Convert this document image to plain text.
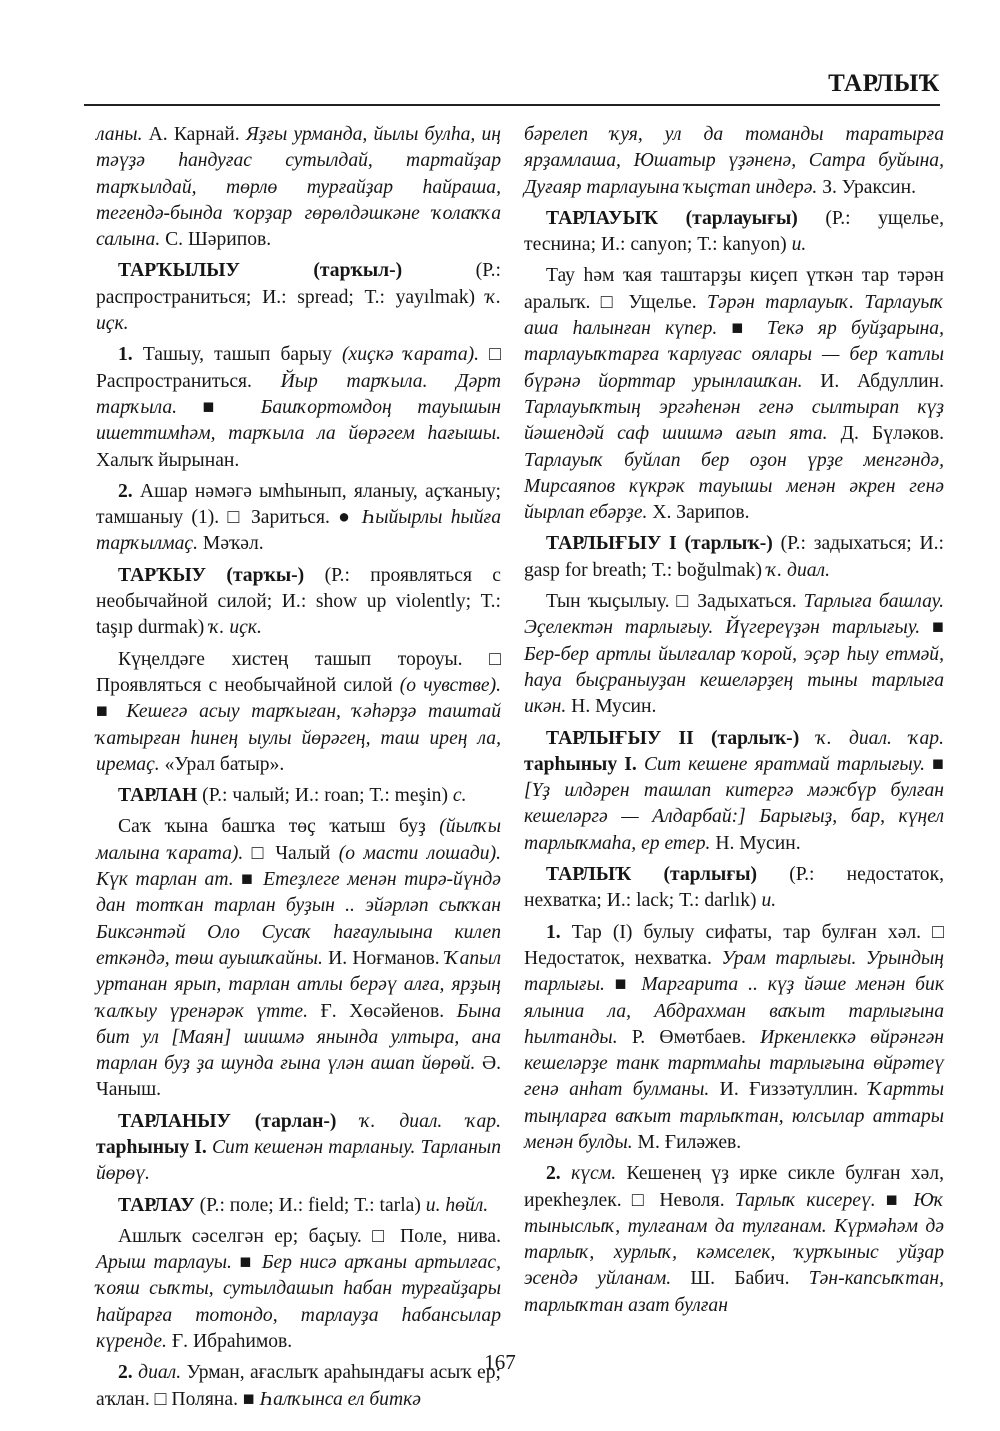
ТАРЛЫҠ

ланы. А. Карнай. Яҙғы урманда, йылы булһа, иң тәүҙә һандуғас сутылдай, тартайҙар тарҡылдай, төрлө турғайҙар һайраша, тегендә-бында ҡорҙар гөрөлдәшкәне ҡолаҡҡа салына. С. Шәрипов.

ТАРҠЫЛЫУ (тарҡыл-) (Р.: распространиться; И.: spread; Т.: yayılmak) ҡ. иҫк.

1. Ташыу, ташып барыу (хиҫкә ҡарата). □ Распространиться. Йыр тарҡыла. Дәрт тарҡыла. ■ Башҡортомдоң тауышын ишеттимһәм, тарҡыла ла йөрәгем һағышы. Халыҡ йырынан.

2. Ашар нәмәгә ымһынып, яланыу, аҫҡаныу; тамшаныу (1). □ Зариться. ● Һыйырлы һыйға тарҡылмаҫ. Мәҡәл.

ТАРҠЫУ (тарҡы-) (Р.: проявляться с необычайной силой; И.: show up violently; Т.: taşıp durmak) ҡ. иҫк.

Күңелдәге хистең ташып тороуы. □ Проявляться с необычайной силой (о чувстве). ■ Кешегә асыу тарҡыған, ҡәһәрҙә таштай ҡатырған һинең ыулы йөрәгең, таш ирең ла, иремаҫ. «Урал батыр».

ТАРЛАН (Р.: чалый; И.: roan; Т.: meşin) с.

Саҡ ҡына башҡа төҫ ҡатыш буҙ (йылҡы малына ҡарата). □ Чалый (о масти лошади). Күк тарлан ат. ■ Етеҙлеге менән тирә-йүндә дан тотҡан тарлан буҙын .. эйәрләп сыҡҡан Биксәнтәй Оло Сусаҡ һағаулыына килеп еткәндә, төш ауышҡайны. И. Ноғманов. Ҡапыл уртанан ярып, тарлан атлы берәү алға, ярҙың ҡалҡыу үренәрәк үтте. Ғ. Хөсәйенов. Бына бит ул [Маян] шишмә янында ултыра, ана тарлан буҙ ҙа шунда ғына үлән ашап йөрөй. Ә. Чаныш.

ТАРЛАНЫУ (тарлан-) ҡ. диал. ҡар. тарһыныу I. Сит кешенән тарланыу. Тарланып йөрөү.

ТАРЛАУ (Р.: поле; И.: field; Т.: tarla) и. һөйл.

Ашлыҡ сәселгән ер; баҫыу. □ Поле, нива. Арыш тарлауы. ■ Бер нисә арҡаны артылғас, ҡояш сыҡты, сутылдашып һабан турғайҙары һайрарға тотондо, тарлауҙа һабансылар күренде. Ғ. Ибраһимов.

2. диал. Урман, ағаслыҡ араһындағы асыҡ ер; аҡлан. □ Поляна. ■ Һалҡынса ел биткә

бәрелеп ҡуя, ул да томанды таратырға ярҙамлаша, Юшатыр үҙәненә, Сатра буйына, Дуғаяр тарлауына ҡыҫтап индерә. З. Ураксин.

ТАРЛАУЫҠ (тарлауығы) (Р.: ущелье, теснина; И.: canyon; Т.: kanyon) и.

Тау һәм ҡая таштарҙы киҫеп үткән тар тәрән аралыҡ. □ Ущелье. Тәрән тарлауыҡ. Тарлауыҡ аша һалынған күпер. ■ Текә яр буйҙарына, тарлауыҡтарға ҡарлуғас оялары — бер ҡатлы бүрәнә йорттар урынлашҡан. И. Абдуллин. Тарлауыҡтың эргәһенән генә сылтырап күҙ йәшендәй саф шишмә ағып ята. Д. Бүләков. Тарлауыҡ буйлап бер оҙон үрҙе менгәндә, Мирсаяпов күкрәк тауышы менән әкрен генә йырлап ебәрҙе. Х. Зарипов.

ТАРЛЫҒЫУ I (тарлыҡ-) (Р.: задыхаться; И.: gasp for breath; Т.: boğulmak) ҡ. диал.

Тын ҡыҫылыу. □ Задыхаться. Тарлыға башлау. Эҫелектән тарлығыу. Йүгереүҙән тарлығыу. ■ Бер-бер артлы йылғалар ҡорой, эҫәр һыу етмәй, һауа быҫраныуҙан кешеләрҙең тыны тарлыға икән. Н. Мусин.

ТАРЛЫҒЫУ II (тарлыҡ-) ҡ. диал. ҡар. тарһыныу I. Сит кешене яратмай тарлығыу. ■ [Үҙ илдәрен ташлап китергә мәжбүр булған кешеләргә — Алдарбай:] Барығыҙ, бар, күңел тарлыҡмаһа, ер етер. Н. Мусин.

ТАРЛЫҠ (тарлығы) (Р.: недостаток, нехватка; И.: lack; Т.: darlık) и.

1. Тар (I) булыу сифаты, тар булған хәл. □ Недостаток, нехватка. Урам тарлығы. Урындың тарлығы. ■ Маргарита .. күҙ йәше менән бик ялыниа ла, Абдрахман ваҡыт тарлығына һылтанды. Р. Өмөтбаев. Иркенлеккә өйрәнгән кешеләрҙе танк тартмаһы тарлығына өйрәтеү генә анһат булманы. И. Ғиззәтуллин. Ҡартты тыңларға ваҡыт тарлыҡтан, юлсылар аттары менән булды. М. Ғиләжев.

2. күсм. Кешенең үҙ ирке сикле булған хәл, ирекһеҙлек. □ Неволя. Тарлыҡ кисереү. ■ Юҡ тыныслыҡ, тулғанам да тулғанам. Күрмәһәм дә тарлыҡ, хурлыҡ, кәмселек, ҡурҡыныс уйҙар эсендә уйланам. Ш. Бабич. Тән-капсыҡтан, тарлыҡтан азат булған

167
